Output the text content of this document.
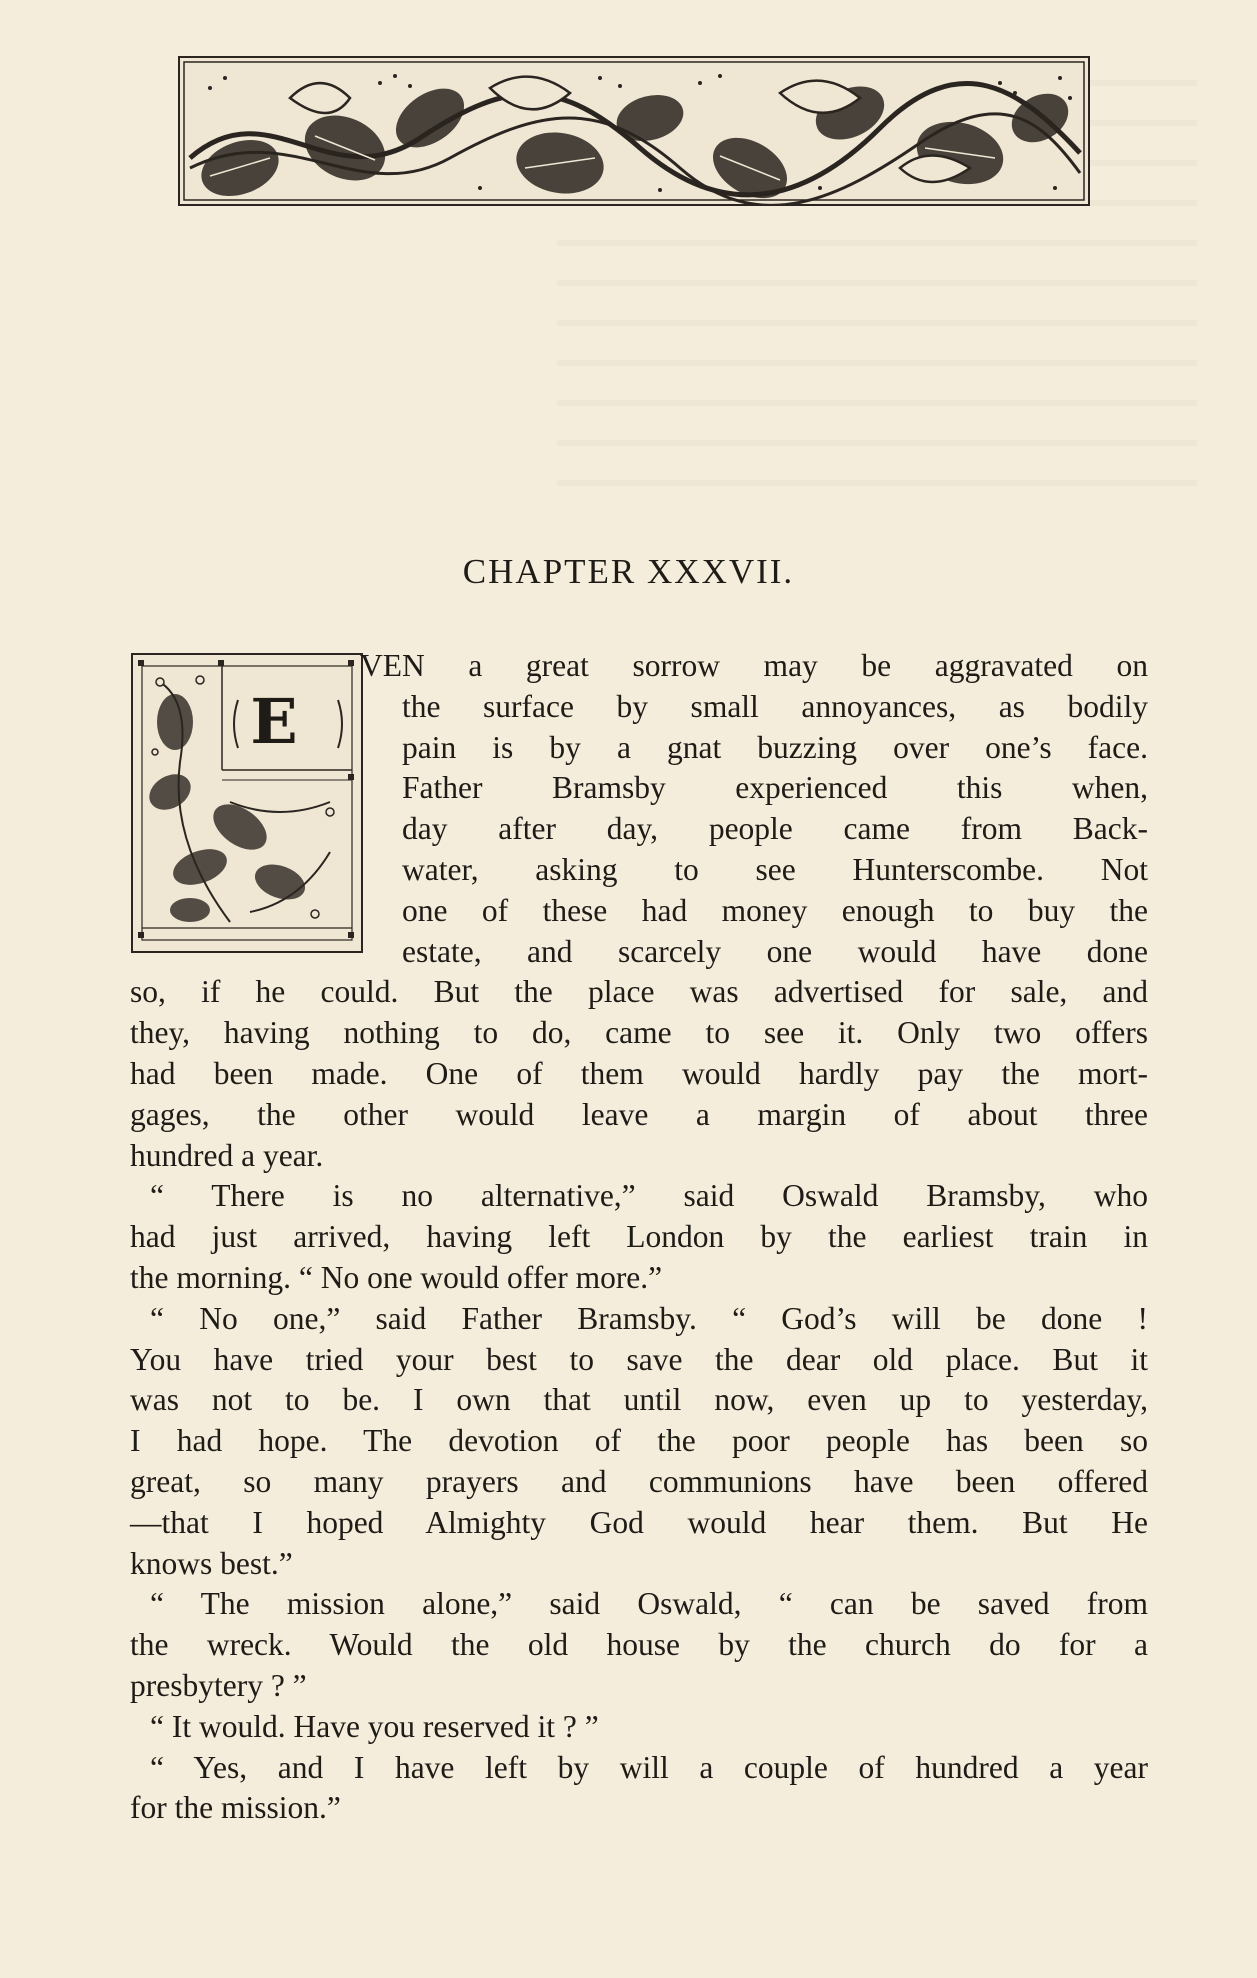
CHAPTER XXXVII.
E
VEN a great sorrow may be aggravated on
the surface by small annoyances, as bodily
pain is by a gnat buzzing over one’s face.
Father Bramsby experienced this when,
day after day, people came from Back-
water, asking to see Hunterscombe. Not
one of these had money enough to buy the
estate, and scarcely one would have done
so, if he could. But the place was advertised for sale, and
they, having nothing to do, came to see it. Only two offers
had been made. One of them would hardly pay the mort-
gages, the other would leave a margin of about three
hundred a year.
“ There is no alternative,” said Oswald Bramsby, who
had just arrived, having left London by the earliest train in
the morning. “ No one would offer more.”
“ No one,” said Father Bramsby. “ God’s will be done !
You have tried your best to save the dear old place. But it
was not to be. I own that until now, even up to yesterday,
I had hope. The devotion of the poor people has been so
great, so many prayers and communions have been offered
—that I hoped Almighty God would hear them. But He
knows best.”
“ The mission alone,” said Oswald, “ can be saved from
the wreck. Would the old house by the church do for a
presbytery ? ”
“ It would. Have you reserved it ? ”
“ Yes, and I have left by will a couple of hundred a year
for the mission.”
